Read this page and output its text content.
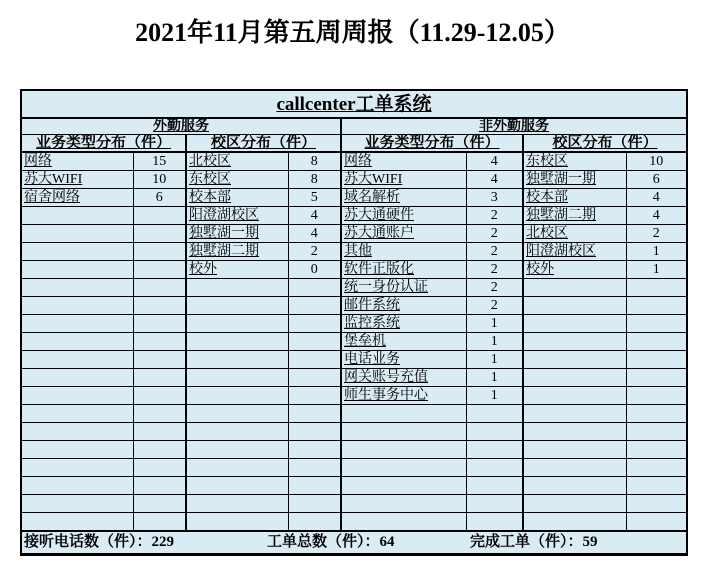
2021年11月第五周周报（11.29-12.05）
callcenter工单系统							
外勤服务				非外勤服务			
业务类型分布（件）		校区分布（件）		业务类型分布（件）		校区分布（件）	
网络	15	北校区	8	网络	4	东校区	10
苏大WIFI	10	东校区	8	苏大WIFI	4	独墅湖一期	6
宿舍网络	6	校本部	5	域名解析	3	校本部	4
		阳澄湖校区	4	苏大通硬件	2	独墅湖二期	4
		独墅湖一期	4	苏大通账户	2	北校区	2
		独墅湖二期	2	其他	2	阳澄湖校区	1
		校外	0	软件正版化	2	校外	1
				统一身份认证	2		
				邮件系统	2		
				监控系统	1		
				堡垒机	1		
				电话业务	1		
				网关账号充值	1		
				师生事务中心	1		

接听电话数（件）：229 工单总数（件）：64 完成工单（件）：59							
